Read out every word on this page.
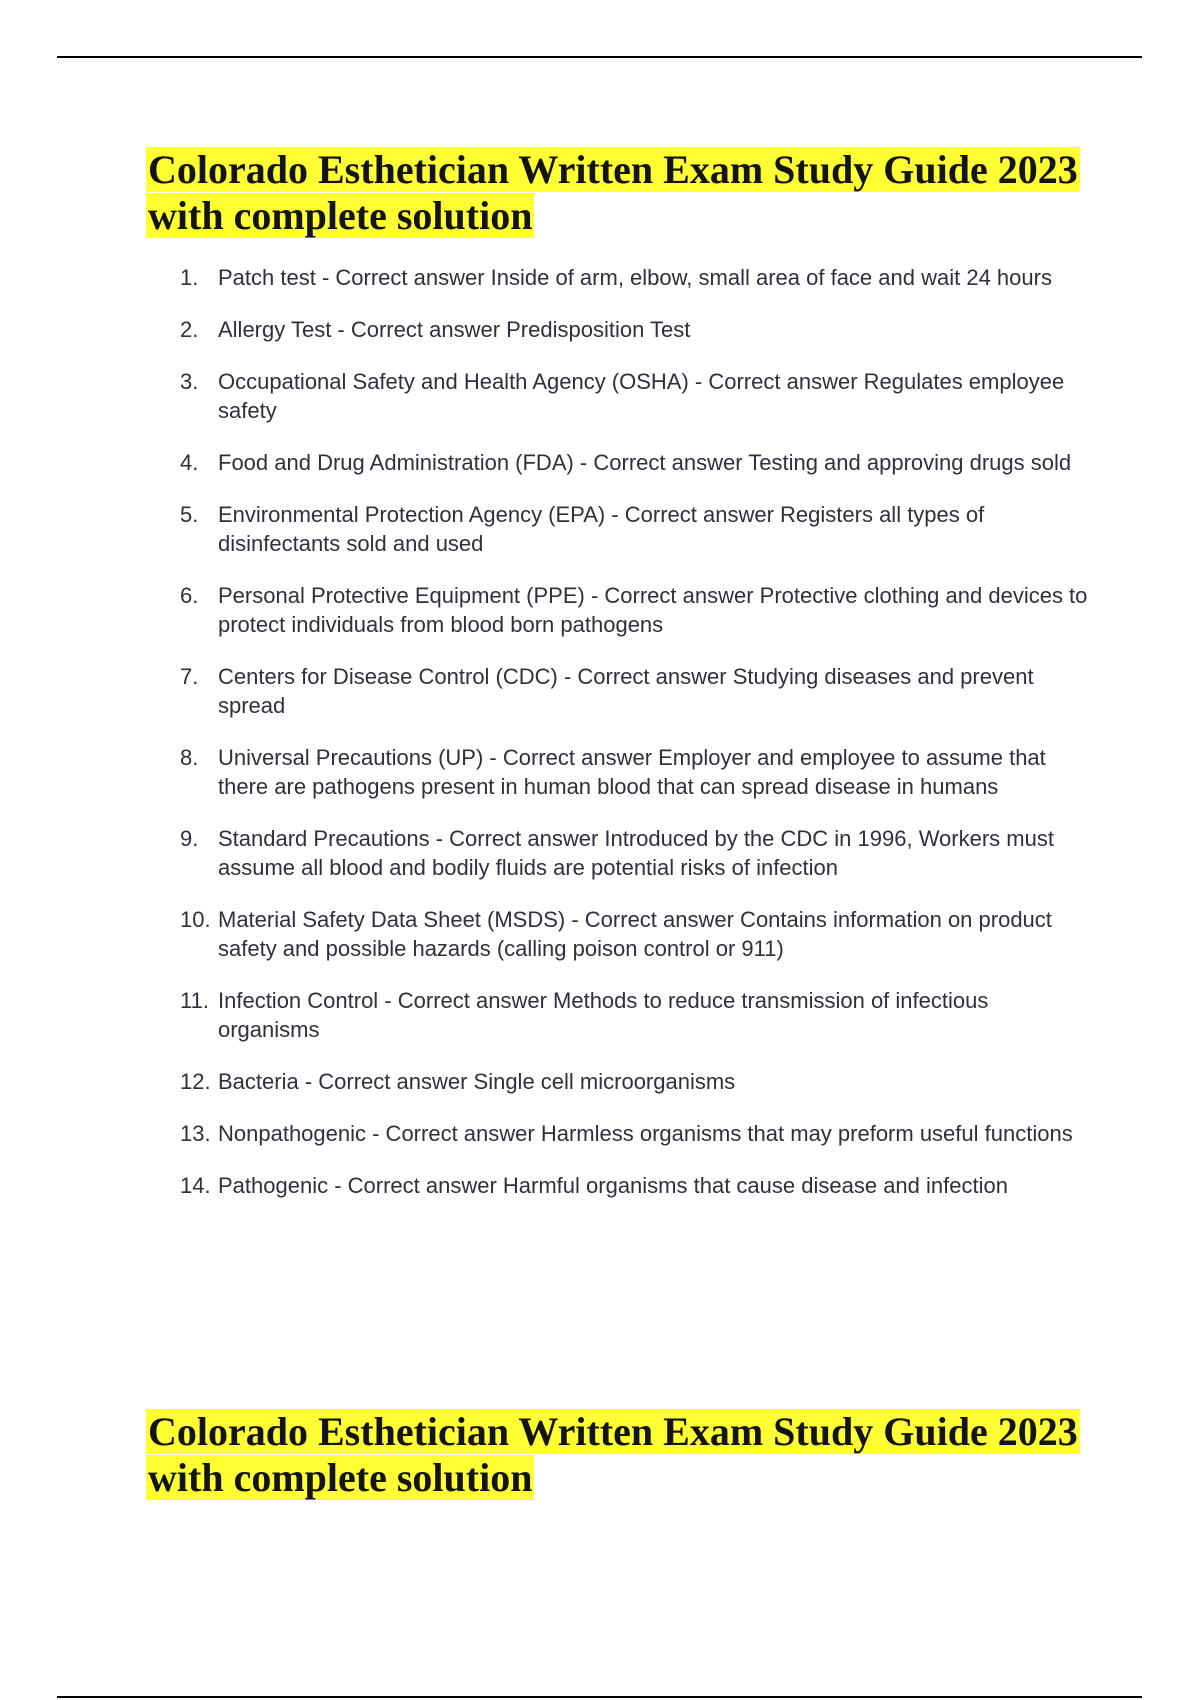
Colorado Esthetician Written Exam Study Guide 2023 with complete solution
1. Patch test - Correct answer Inside of arm, elbow, small area of face and wait 24 hours
2. Allergy Test - Correct answer Predisposition Test
3. Occupational Safety and Health Agency (OSHA) - Correct answer Regulates employee safety
4. Food and Drug Administration (FDA) - Correct answer Testing and approving drugs sold
5. Environmental Protection Agency (EPA) - Correct answer Registers all types of disinfectants sold and used
6. Personal Protective Equipment (PPE) - Correct answer Protective clothing and devices to protect individuals from blood born pathogens
7. Centers for Disease Control (CDC) - Correct answer Studying diseases and prevent spread
8. Universal Precautions (UP) - Correct answer Employer and employee to assume that there are pathogens present in human blood that can spread disease in humans
9. Standard Precautions - Correct answer Introduced by the CDC in 1996, Workers must assume all blood and bodily fluids are potential risks of infection
10. Material Safety Data Sheet (MSDS) - Correct answer Contains information on product safety and possible hazards (calling poison control or 911)
11. Infection Control - Correct answer Methods to reduce transmission of infectious organisms
12. Bacteria - Correct answer Single cell microorganisms
13. Nonpathogenic - Correct answer Harmless organisms that may preform useful functions
14. Pathogenic - Correct answer Harmful organisms that cause disease and infection
Colorado Esthetician Written Exam Study Guide 2023 with complete solution
